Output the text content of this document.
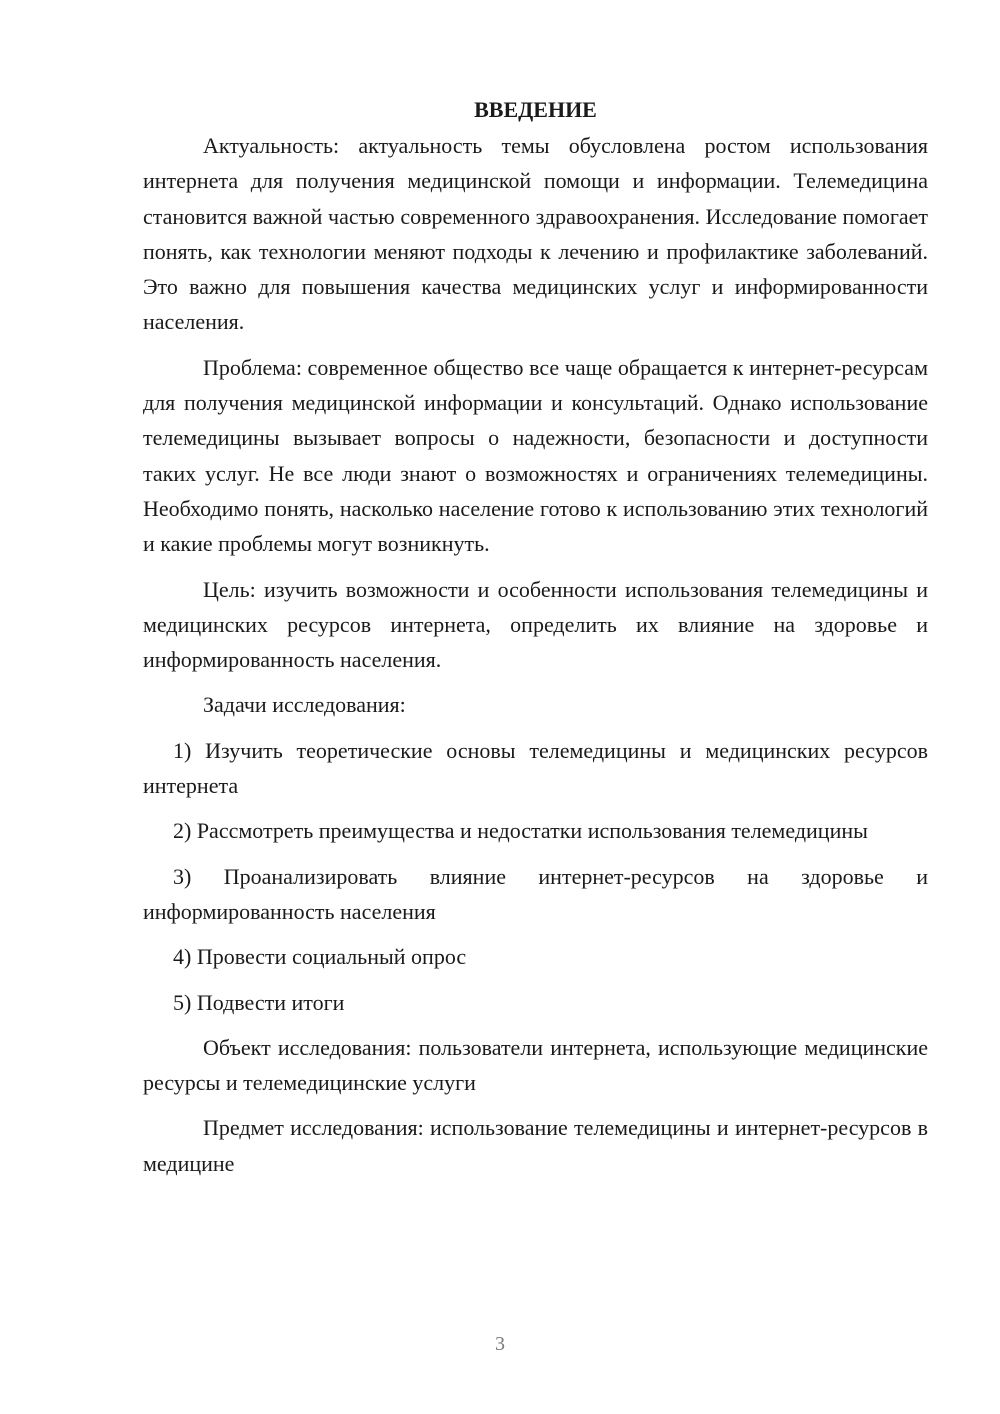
ВВЕДЕНИЕ

Актуальность: актуальность темы обусловлена ростом использования интернета для получения медицинской помощи и информации. Телемедицина становится важной частью современного здравоохранения. Исследование помогает понять, как технологии меняют подходы к лечению и профилактике заболеваний. Это важно для повышения качества медицинских услуг и информированности населения.

Проблема: современное общество все чаще обращается к интернет-ресурсам для получения медицинской информации и консультаций. Однако использование телемедицины вызывает вопросы о надежности, безопасности и доступности таких услуг. Не все люди знают о возможностях и ограничениях телемедицины. Необходимо понять, насколько население готово к использованию этих технологий и какие проблемы могут возникнуть.

Цель: изучить возможности и особенности использования телемедицины и медицинских ресурсов интернета, определить их влияние на здоровье и информированность населения.

Задачи исследования:

1) Изучить теоретические основы телемедицины и медицинских ресурсов интернета

2) Рассмотреть преимущества и недостатки использования телемедицины

3) Проанализировать влияние интернет-ресурсов на здоровье и информированность населения

4) Провести социальный опрос

5) Подвести итоги

Объект исследования: пользователи интернета, использующие медицинские ресурсы и телемедицинские услуги

Предмет исследования: использование телемедицины и интернет-ресурсов в медицине

3
